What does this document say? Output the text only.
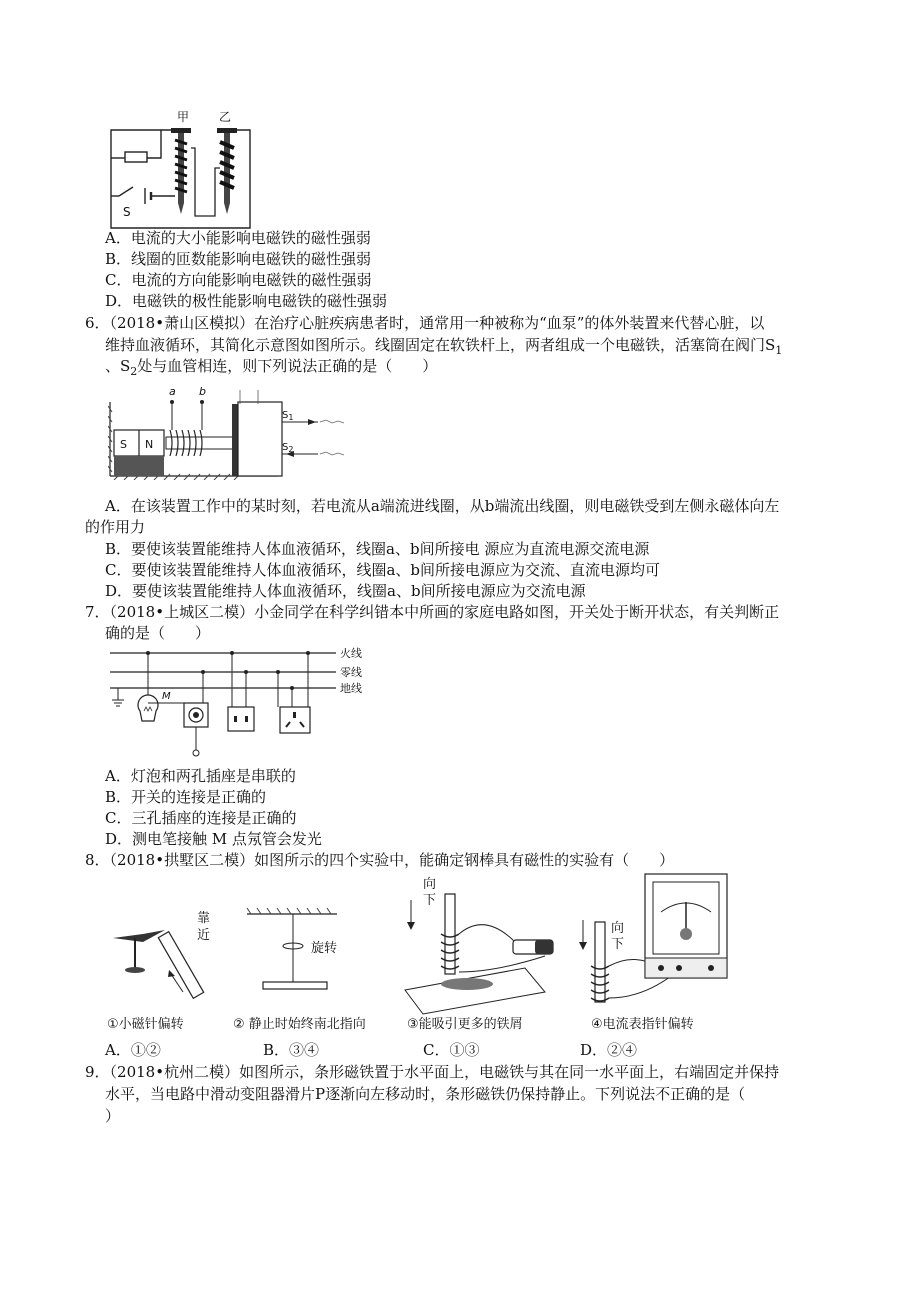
甲 乙
S
A．电流的大小能影响电磁铁的磁性强弱
B．线圈的匝数能影响电磁铁的磁性强弱
C．电流的方向能影响电磁铁的磁性强弱
D．电磁铁的极性能影响电磁铁的磁性强弱
6．（2018•萧山区模拟）在治疗心脏疾病患者时，通常用一种被称为“血泵”的体外装置来代替心脏，以
维持血液循环，其简化示意图如图所示。线圈固定在软铁杆上，两者组成一个电磁铁，活塞筒在阀门$S_1$
、$S_2$处与血管相连，则下列说法正确的是（　　）
S N
a b
$S_1$
$S_2$
A．在该装置工作中的某时刻，若电流从a端流进线圈，从b端流出线圈，则电磁铁受到左侧永磁体向左
的作用力
B．要使该装置能维持人体血液循环，线圈a、b间所接电 源应为直流电源交流电源
C．要使该装置能维持人体血液循环，线圈a、b间所接电源应为交流、直流电源均可
D．要使该装置能维持人体血液循环，线圈a、b间所接电源应为交流电源
7．（2018•上城区二模）小金同学在科学纠错本中所画的家庭电路如图，开关处于断开状态，有关判断正
确的是（　　）
火线
零线
地线
M
A．灯泡和两孔插座是串联的
B．开关的连接是正确的
C．三孔插座的连接是正确的
D．测电笔接触 M 点氖管会发光
8．（2018•拱墅区二模）如图所示的四个实验中，能确定钢棒具有磁性的实验有（　　）
靠
近
①小磁针偏转
旋转
② 静止时始终南北指向
向
下
③能吸引更多的铁屑
向
下
④电流表指针偏转
A．①②	B．③④	C．①③	D．②④
9．（2018•杭州二模）如图所示，条形磁铁置于水平面上，电磁铁与其在同一水平面上，右端固定并保持
水平，当电路中滑动变阻器滑片P逐渐向左移动时，条形磁铁仍保持静止。下列说法不正确的是（
）
